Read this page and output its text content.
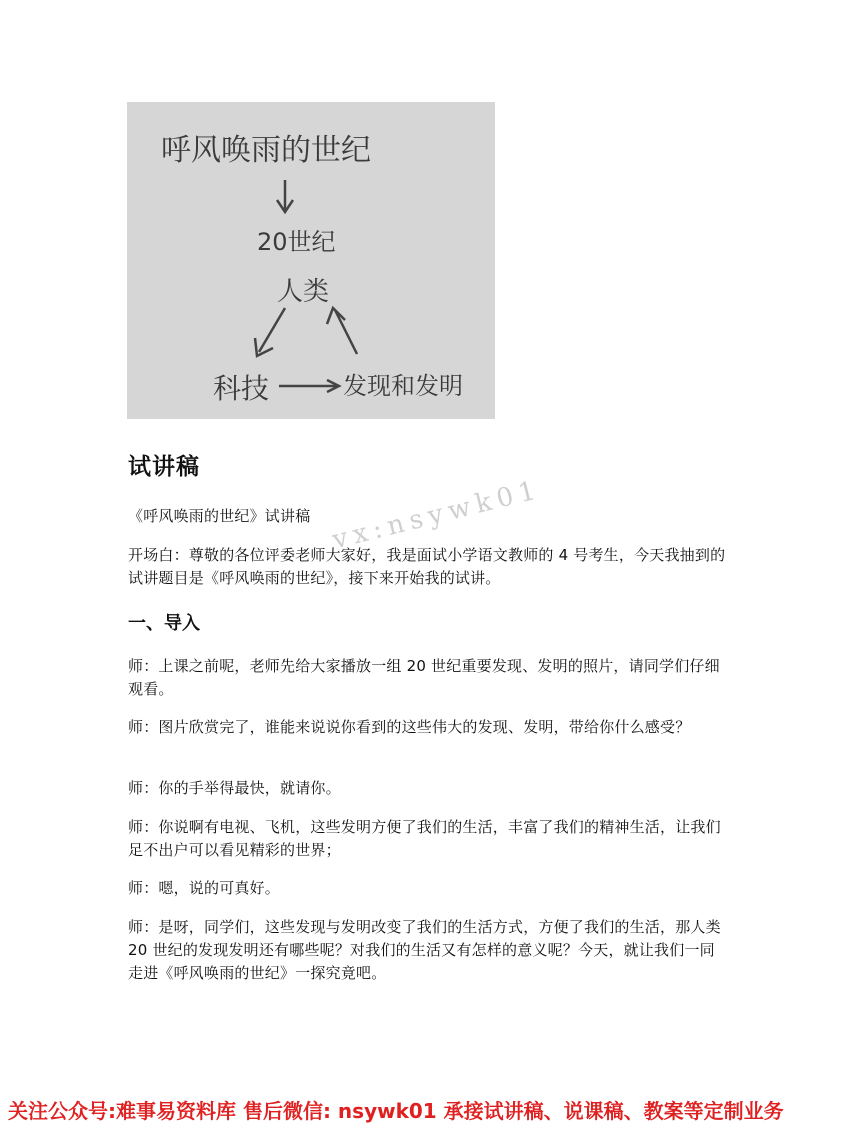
呼风唤雨的世纪
20世纪
人类
科技	发现和发明
试讲稿
《呼风唤雨的世纪》试讲稿
开场白：尊敬的各位评委老师大家好，我是面试小学语文教师的 4 号考生，今天我抽到的试讲题目是《呼风唤雨的世纪》，接下来开始我的试讲。
一、导入
师：上课之前呢，老师先给大家播放一组 20 世纪重要发现、发明的照片，请同学们仔细观看。
师：图片欣赏完了，谁能来说说你看到的这些伟大的发现、发明，带给你什么感受？
师：你的手举得最快，就请你。
师：你说啊有电视、飞机，这些发明方便了我们的生活，丰富了我们的精神生活，让我们足不出户可以看见精彩的世界；
师：嗯，说的可真好。
师：是呀，同学们，这些发现与发明改变了我们的生活方式，方便了我们的生活，那人类 20 世纪的发现发明还有哪些呢？对我们的生活又有怎样的意义呢？今天，就让我们一同走进《呼风唤雨的世纪》一探究竟吧。
vx:nsywk01
关注公众号:难事易资料库 售后微信: nsywk01 承接试讲稿、说课稿、教案等定制业务
